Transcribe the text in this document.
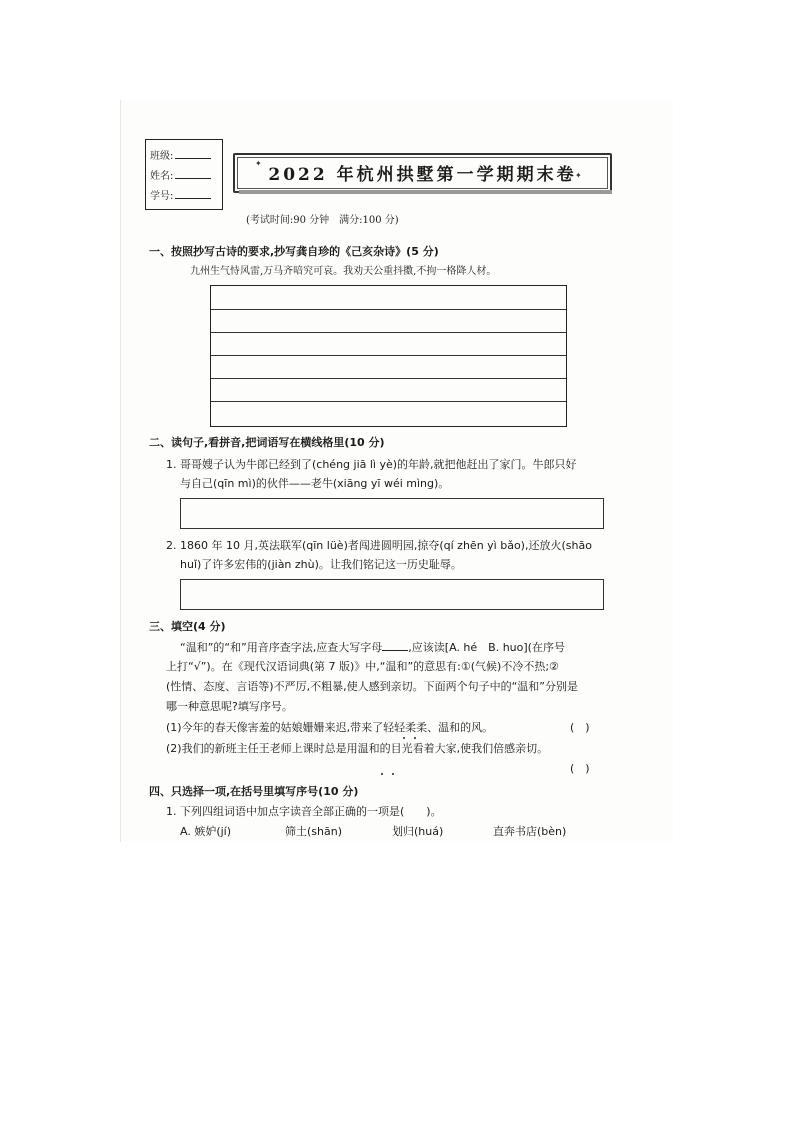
班级:
姓名:
学号:
✦
✦
2022 年杭州拱墅第一学期期末卷
(考试时间:90 分钟　满分:100 分)
一、按照抄写古诗的要求,抄写龚自珍的《己亥杂诗》(5 分)
九州生气恃风雷,万马齐喑究可哀。我劝天公重抖擞,不拘一格降人材。
二、读句子,看拼音,把词语写在横线格里(10 分)
1. 哥哥嫂子认为牛郎已经到了(chéng jiā lì yè)的年龄,就把他赶出了家门。牛郎只好
与自己(qīn mì)的伙伴——老牛(xiāng yī wéi mìng)。
2. 1860 年 10 月,英法联军(qīn lüè)者闯进圆明园,掠夺(qí zhēn yì bǎo),还放火(shāo
huǐ)了许多宏伟的(jiàn zhù)。让我们铭记这一历史耻辱。
三、填空(4 分)
“温和”的“和”用音序查字法,应查大写字母 ,应该读[A. hé　B. huo](在序号
上打“√”)。在《现代汉语词典(第 7 版)》中,“温和”的意思有:①(气候)不冷不热;②
(性情、态度、言语等)不严厉,不粗暴,使人感到亲切。下面两个句子中的“温和”分别是
哪一种意思呢?填写序号。
(1)今年的春天像害羞的姑娘姗姗来迟,带来了轻轻柔柔、温和的风。	(　)
(2)我们的新班主任王老师上课时总是用温和的目光看着大家,使我们倍感亲切。
(　)
四、只选择一项,在括号里填写序号(10 分)
1. 下列四组词语中加点字读音全部正确的一项是(　　)。
A. 嫉妒(jí)	筛土(shān)	划归(huá)	直奔书店(bèn)
